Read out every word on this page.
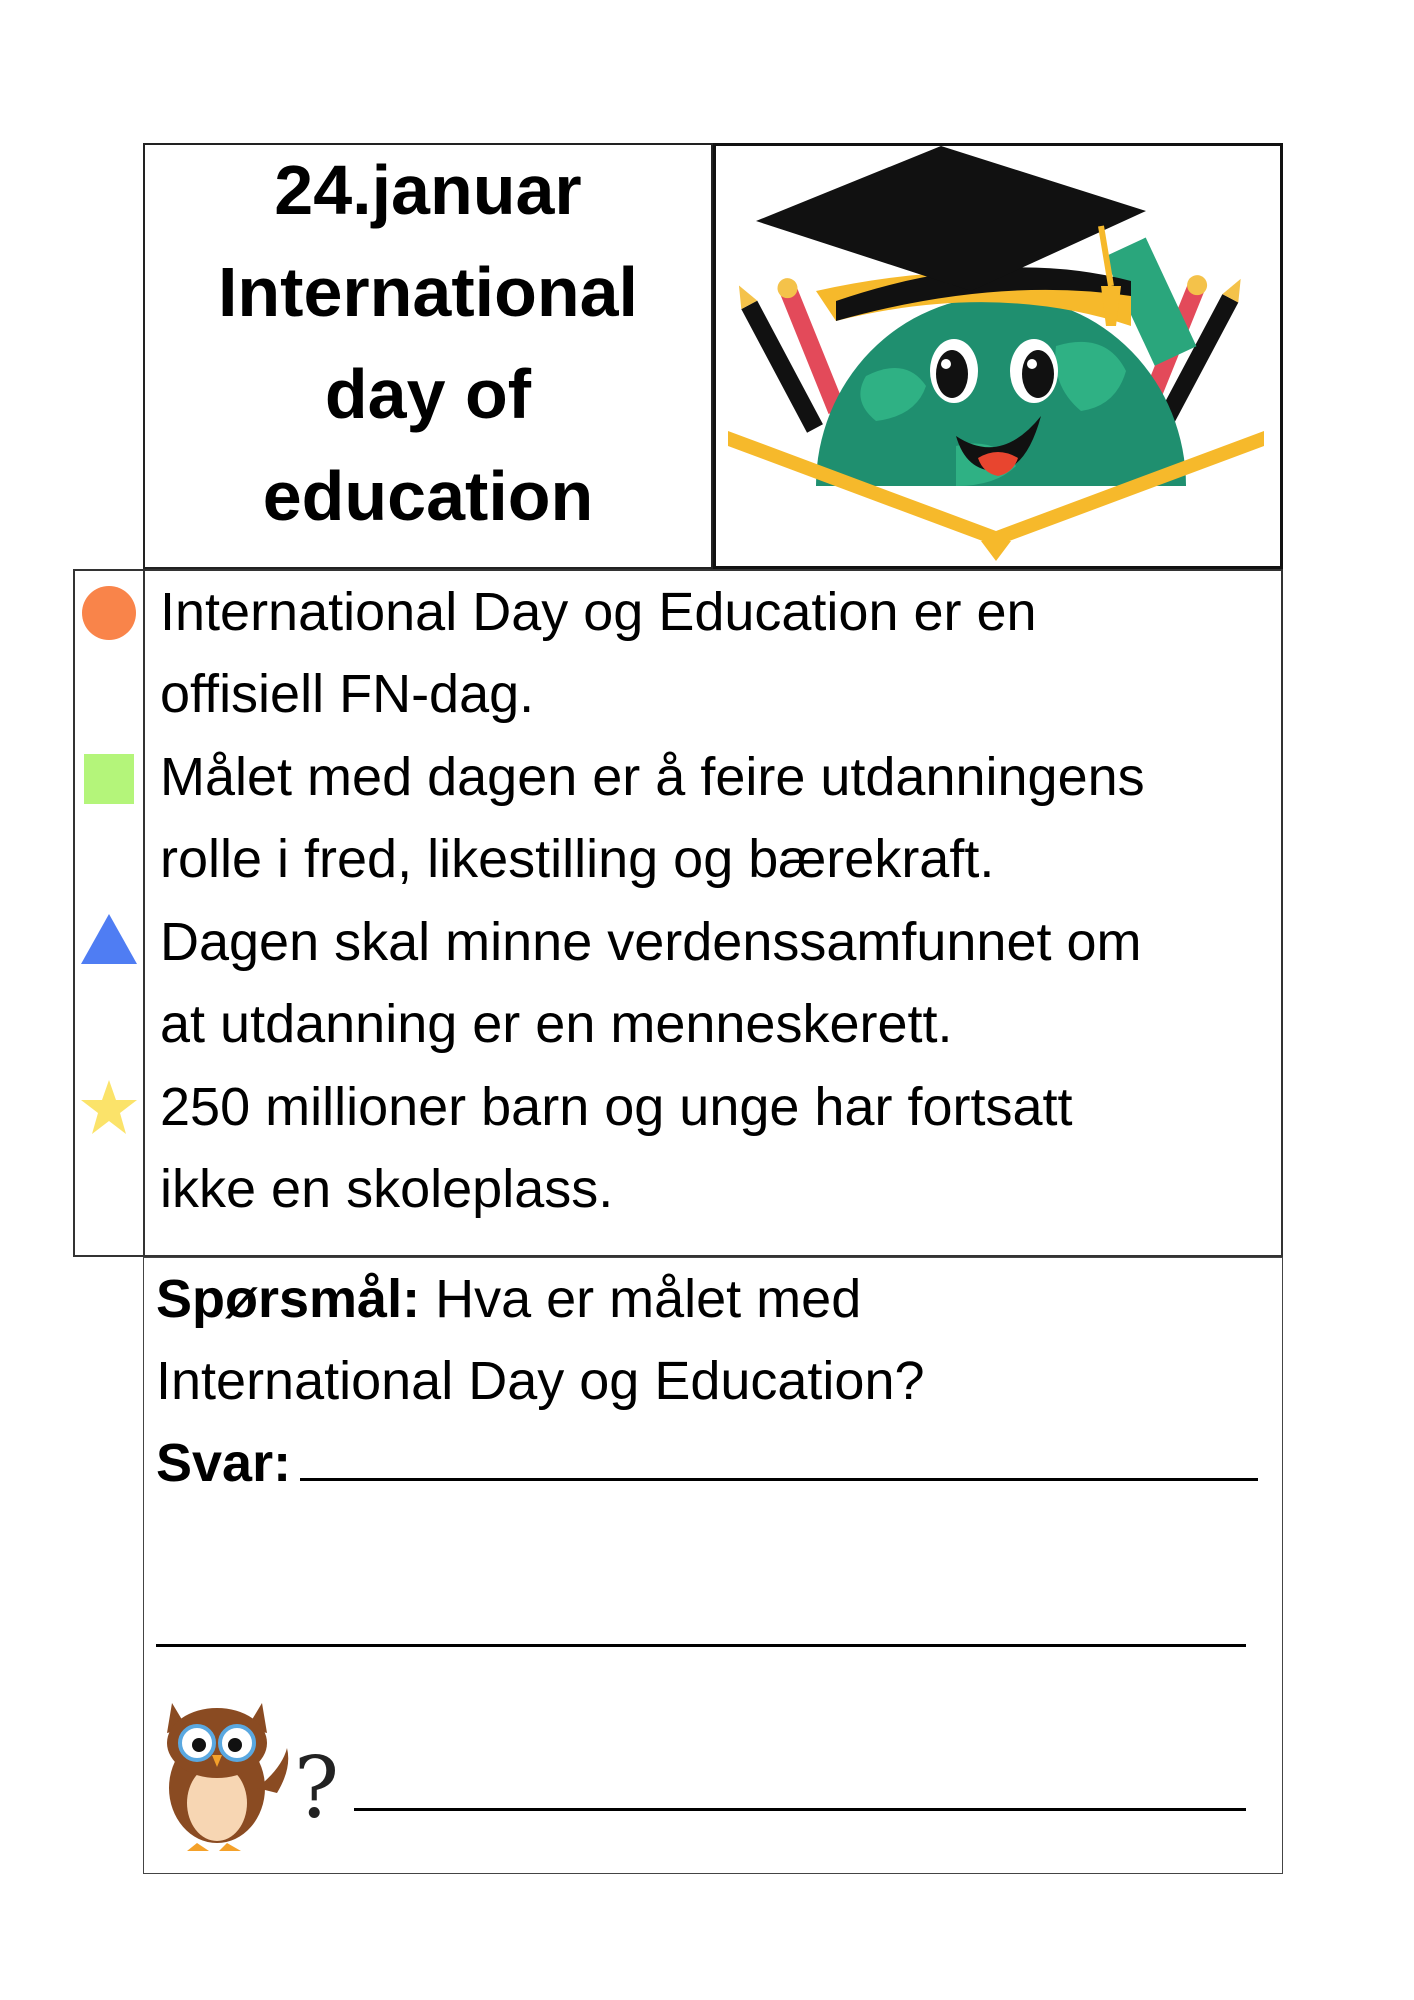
24.januar
International
day of
education
International Day og Education er en
offisiell FN-dag.
Målet med dagen er å feire utdanningens
rolle i fred, likestilling og bærekraft.
Dagen skal minne verdenssamfunnet om
at utdanning er en menneskerett.
250 millioner barn og unge har fortsatt
ikke en skoleplass.
Spørsmål: Hva er målet med
International Day og Education?
Svar:
?
